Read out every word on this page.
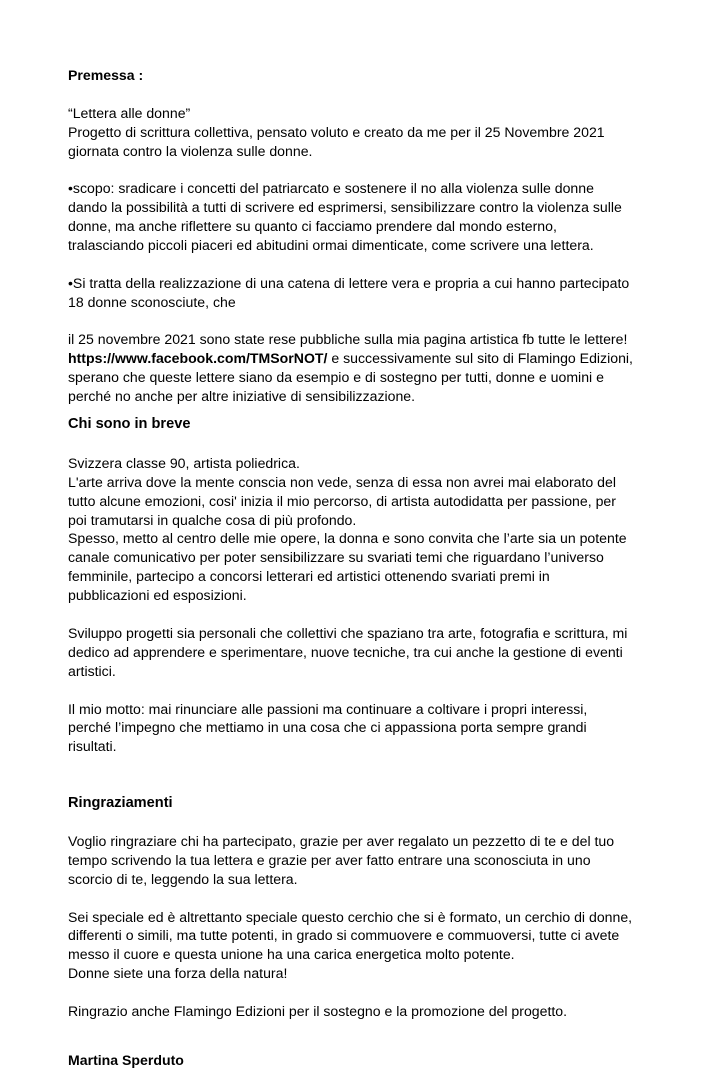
Premessa :
“Lettera alle donne”
Progetto di scrittura collettiva, pensato voluto e creato da me per il 25 Novembre 2021
giornata contro la violenza sulle donne.
•scopo: sradicare i concetti del patriarcato e sostenere il no alla violenza sulle donne
dando la possibilità a tutti di scrivere ed esprimersi, sensibilizzare contro la violenza sulle
donne, ma anche riflettere su quanto ci facciamo prendere dal mondo esterno,
tralasciando piccoli piaceri ed abitudini ormai dimenticate, come scrivere una lettera.
•Si tratta della realizzazione di una catena di lettere vera e propria a cui hanno partecipato
18 donne sconosciute, che
il 25 novembre 2021 sono state rese pubbliche sulla mia pagina artistica fb tutte le lettere!
https://www.facebook.com/TMSorNOT/ e successivamente sul sito di Flamingo Edizioni,
sperano che queste lettere siano da esempio e di sostegno per tutti, donne e uomini e
perché no anche per altre iniziative di sensibilizzazione.
Chi sono in breve
Svizzera classe 90, artista poliedrica.
L'arte arriva dove la mente conscia non vede, senza di essa non avrei mai elaborato del
tutto alcune emozioni, cosi' inizia il mio percorso, di artista autodidatta per passione, per
poi tramutarsi in qualche cosa di più profondo.
Spesso, metto al centro delle mie opere, la donna e sono convita che l’arte sia un potente
canale comunicativo per poter sensibilizzare su svariati temi che riguardano l’universo
femminile, partecipo a concorsi letterari ed artistici ottenendo svariati premi in
pubblicazioni ed esposizioni.
Sviluppo progetti sia personali che collettivi che spaziano tra arte, fotografia e scrittura, mi
dedico ad apprendere e sperimentare, nuove tecniche, tra cui anche la gestione di eventi
artistici.
Il mio motto: mai rinunciare alle passioni ma continuare a coltivare i propri interessi,
perché l’impegno che mettiamo in una cosa che ci appassiona porta sempre grandi
risultati.
Ringraziamenti
Voglio ringraziare chi ha partecipato, grazie per aver regalato un pezzetto di te e del tuo
tempo scrivendo la tua lettera e grazie per aver fatto entrare una sconosciuta in uno
scorcio di te, leggendo la sua lettera.
Sei speciale ed è altrettanto speciale questo cerchio che si è formato, un cerchio di donne,
differenti o simili, ma tutte potenti, in grado si commuovere e commuoversi, tutte ci avete
messo il cuore e questa unione ha una carica energetica molto potente.
Donne siete una forza della natura!
Ringrazio anche Flamingo Edizioni per il sostegno e la promozione del progetto.
Martina Sperduto
